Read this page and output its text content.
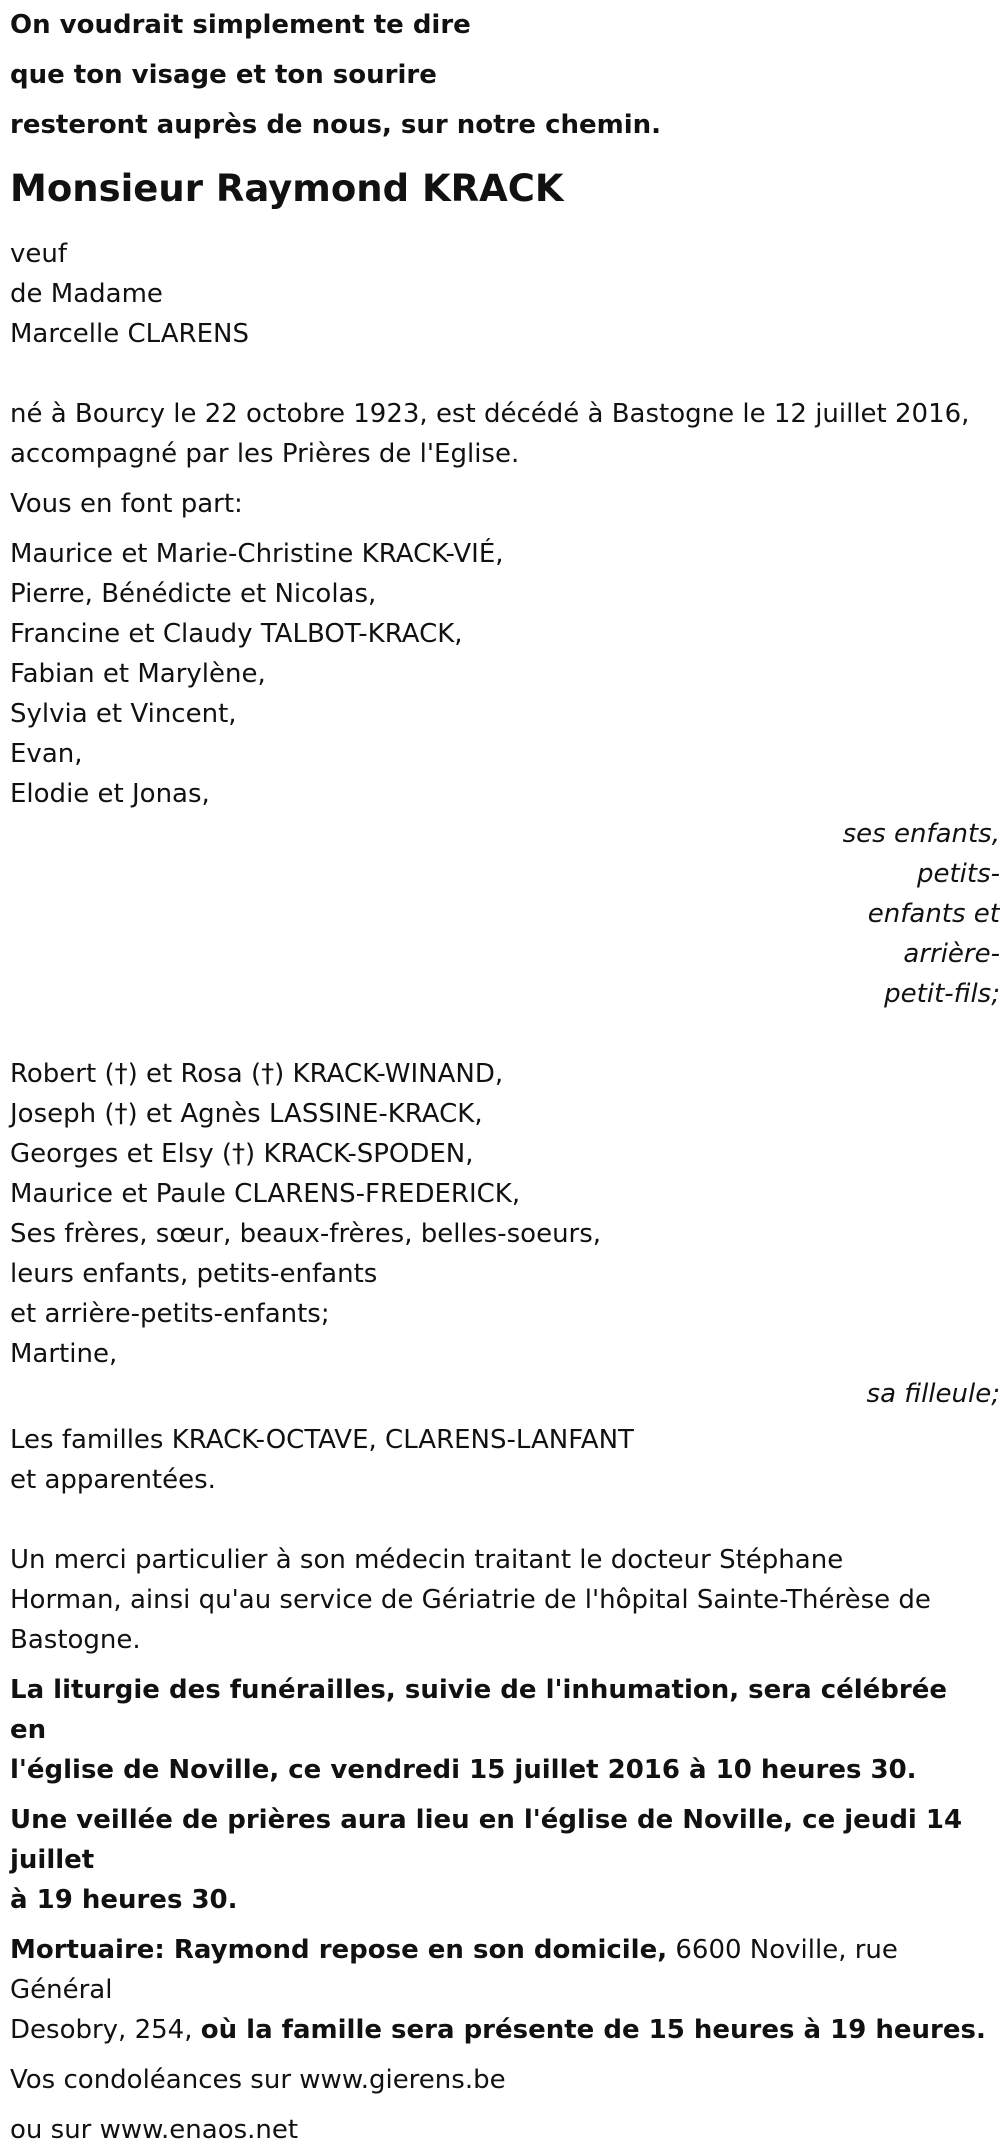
On voudrait simplement te dire

que ton visage et ton sourire

resteront auprès de nous, sur notre chemin.

Monsieur Raymond KRACK

veuf

de Madame

Marcelle CLARENS

né à Bourcy le 22 octobre 1923, est décédé à Bastogne le 12 juillet 2016,

accompagné par les Prières de l'Eglise.

Vous en font part:

Maurice et Marie-Christine KRACK-VIÉ,

Pierre, Bénédicte et Nicolas,

Francine et Claudy TALBOT-KRACK,

Fabian et Marylène,

Sylvia et Vincent,

Evan,

Elodie et Jonas,

ses enfants, petits-

enfants et arrière-

petit-fils;

Robert (†) et Rosa (†) KRACK-WINAND,

Joseph (†) et Agnès LASSINE-KRACK,

Georges et Elsy (†) KRACK-SPODEN,

Maurice et Paule CLARENS-FREDERICK,

Ses frères, sœur, beaux-frères, belles-soeurs,

leurs enfants, petits-enfants

et arrière-petits-enfants;

Martine,

sa filleule;

Les familles KRACK-OCTAVE, CLARENS-LANFANT

et apparentées.

Un merci particulier à son médecin traitant le docteur Stéphane

Horman, ainsi qu'au service de Gériatrie de l'hôpital Sainte-Thérèse de

Bastogne.

La liturgie des funérailles, suivie de l'inhumation, sera célébrée en

l'église de Noville, ce vendredi 15 juillet 2016 à 10 heures 30.

Une veillée de prières aura lieu en l'église de Noville, ce jeudi 14 juillet

à 19 heures 30.

Mortuaire: Raymond repose en son domicile, 6600 Noville, rue Général

Desobry, 254, où la famille sera présente de 15 heures à 19 heures.

Vos condoléances sur www.gierens.be

ou sur www.enaos.net
